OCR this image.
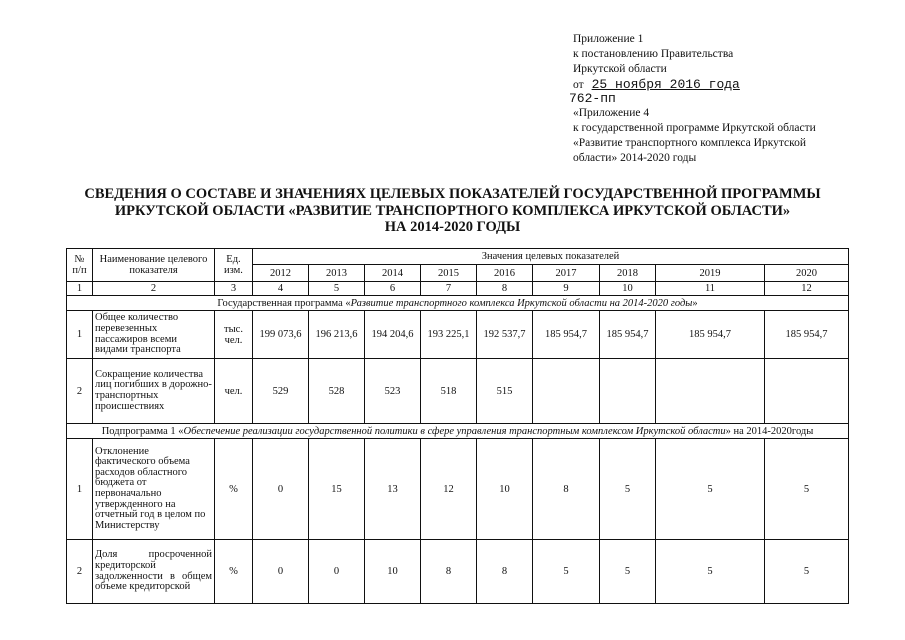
Приложение 1
к постановлению Правительства
Иркутской области
от 25 ноября 2016 года
762-пп
«Приложение 4
к государственной программе Иркутской области
«Развитие транспортного комплекса Иркутской
области» 2014-2020 годы
СВЕДЕНИЯ О СОСТАВЕ И ЗНАЧЕНИЯХ ЦЕЛЕВЫХ ПОКАЗАТЕЛЕЙ ГОСУДАРСТВЕННОЙ ПРОГРАММЫ
ИРКУТСКОЙ ОБЛАСТИ «РАЗВИТИЕ ТРАНСПОРТНОГО КОМПЛЕКСА ИРКУТСКОЙ ОБЛАСТИ»
НА 2014-2020 ГОДЫ
№ п/п	Наименование целевого показателя	Ед. изм.	Значения целевых показателей								
			2012	2013	2014	2015	2016	2017	2018	2019	2020
1	2	3	4	5	6	7	8	9	10	11	12
Государственная программа «Развитие транспортного комплекса Иркутской области на 2014-2020 годы»											
1	Общее количество перевезенных пассажиров всеми видами транспорта	тыс. чел.	199 073,6	196 213,6	194 204,6	193 225,1	192 537,7	185 954,7	185 954,7	185 954,7	185 954,7
2	Сокращение количества лиц погибших в дорожно-транспортных происшествиях	чел.	529	528	523	518	515				
Подпрограмма 1 «Обеспечение реализации государственной политики в сфере управления транспортным комплексом Иркутской области» на 2014-2020годы											
1	Отклонение фактического объема расходов областного бюджета от первоначально утвержденного на отчетный год в целом по Министерству	%	0	15	13	12	10	8	5	5	5
2	Доля просроченной кредиторской задолженности в общем объеме кредиторской	%	0	0	10	8	8	5	5	5	5
